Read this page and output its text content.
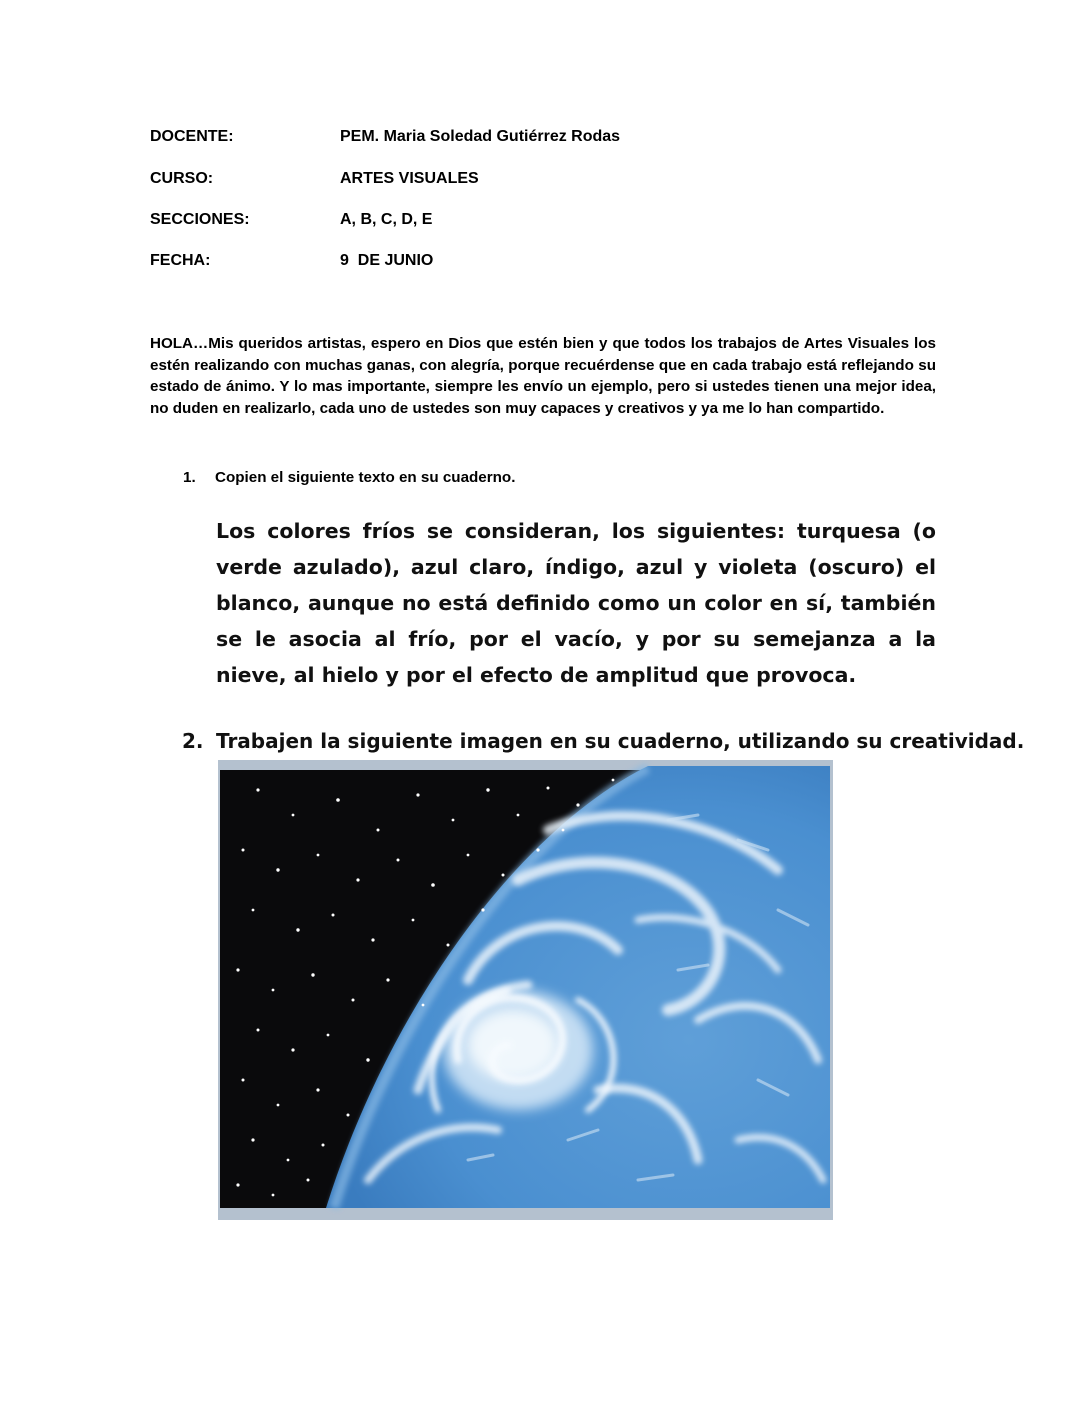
DOCENTE:	PEM. Maria Soledad Gutiérrez Rodas
CURSO:	ARTES VISUALES
SECCIONES:	A, B, C, D, E
FECHA:	9  DE JUNIO

HOLA…Mis queridos artistas, espero en Dios que estén bien y que todos los trabajos de Artes Visuales los estén realizando con muchas ganas, con alegría, porque recuérdense que en cada trabajo está reflejando su estado de ánimo. Y lo mas importante, siempre les envío un ejemplo, pero si ustedes tienen una mejor idea, no duden en realizarlo, cada uno de ustedes son muy capaces y creativos y ya me lo han compartido.

1. Copien el siguiente texto en su cuaderno.

Los colores fríos se consideran, los siguientes: turquesa (o verde azulado), azul claro, índigo, azul y violeta (oscuro) el blanco, aunque no está definido como un color en sí, también se le asocia al frío, por el vacío, y por su semejanza a la nieve, al hielo y por el efecto de amplitud que provoca.

2. Trabajen la siguiente imagen en su cuaderno, utilizando su creatividad.
